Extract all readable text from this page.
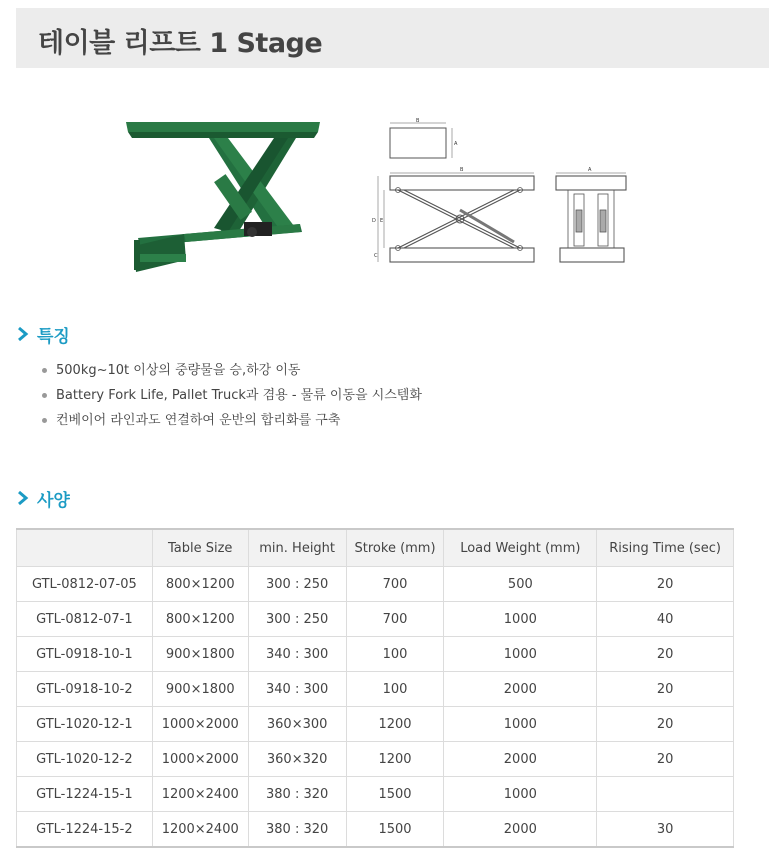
테이블 리프트 1 Stage
B
A
B
D E
C
A
특징
500kg~10t 이상의 중량물을 승,하강 이동
Battery Fork Life, Pallet Truck과 겸용 - 물류 이동을 시스템화
컨베이어 라인과도 연결하여 운반의 합리화를 구축
사양
	Table Size	min. Height	Stroke (mm)	Load Weight (mm)	Rising Time (sec)
GTL-0812-07-05	800×1200	300 : 250	700	500	20
GTL-0812-07-1	800×1200	300 : 250	700	1000	40
GTL-0918-10-1	900×1800	340 : 300	100	1000	20
GTL-0918-10-2	900×1800	340 : 300	100	2000	20
GTL-1020-12-1	1000×2000	360×300	1200	1000	20
GTL-1020-12-2	1000×2000	360×320	1200	2000	20
GTL-1224-15-1	1200×2400	380 : 320	1500	1000	
GTL-1224-15-2	1200×2400	380 : 320	1500	2000	30
